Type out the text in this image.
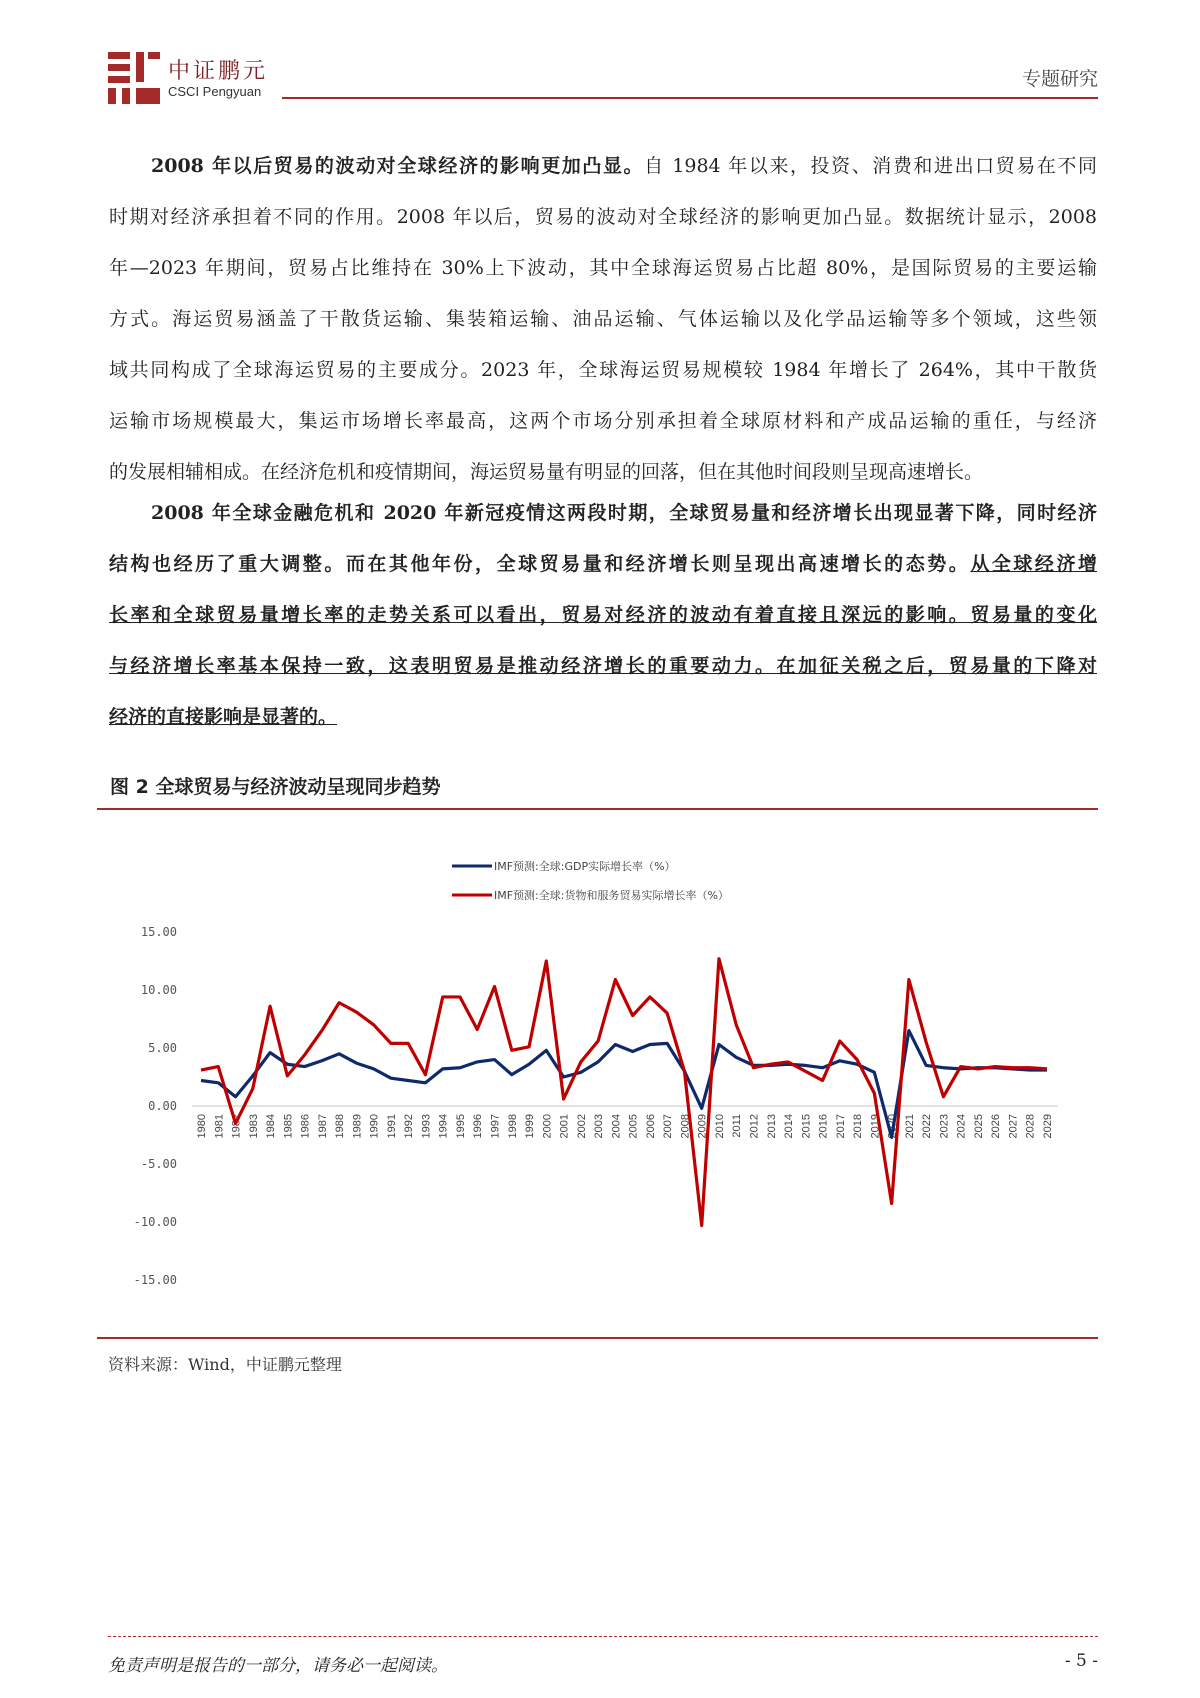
中证鹏元
CSCI Pengyuan
专题研究
2008 年以后贸易的波动对全球经济的影响更加凸显。自 1984 年以来，投资、消费和进出口贸易在不同
时期对经济承担着不同的作用。2008 年以后，贸易的波动对全球经济的影响更加凸显。数据统计显示，2008
年—2023 年期间，贸易占比维持在 30%上下波动，其中全球海运贸易占比超 80%，是国际贸易的主要运输
方式。海运贸易涵盖了干散货运输、集装箱运输、油品运输、气体运输以及化学品运输等多个领域，这些领
域共同构成了全球海运贸易的主要成分。2023 年，全球海运贸易规模较 1984 年增长了 264%，其中干散货
运输市场规模最大，集运市场增长率最高，这两个市场分别承担着全球原材料和产成品运输的重任，与经济
的发展相辅相成。在经济危机和疫情期间，海运贸易量有明显的回落，但在其他时间段则呈现高速增长。
2008 年全球金融危机和 2020 年新冠疫情这两段时期，全球贸易量和经济增长出现显著下降，同时经济
结构也经历了重大调整。而在其他年份，全球贸易量和经济增长则呈现出高速增长的态势。从全球经济增
长率和全球贸易量增长率的走势关系可以看出，贸易对经济的波动有着直接且深远的影响。贸易量的变化
与经济增长率基本保持一致，这表明贸易是推动经济增长的重要动力。在加征关税之后，贸易量的下降对
经济的直接影响是显著的。
图 2 全球贸易与经济波动呈现同步趋势
IMF预测:全球:GDP实际增长率（%）
IMF预测:全球:货物和服务贸易实际增长率（%）
15.00
10.00
5.00
0.00
-5.00
-10.00
-15.00
1980 1981 1982 1983 1984 1985 1986 1987 1988 1989 1990 1991 1992 1993 1994 1995 1996 1997 1998 1999 2000 2001 2002 2003 2004 2005 2006 2007 2008 2009 2010 2011 2012 2013 2014 2015 2016 2017 2018 2019 2020 2021 2022 2023 2024 2025 2026 2027 2028 2029
资料来源：Wind，中证鹏元整理
免责声明是报告的一部分，请务必一起阅读。	- 5 -
